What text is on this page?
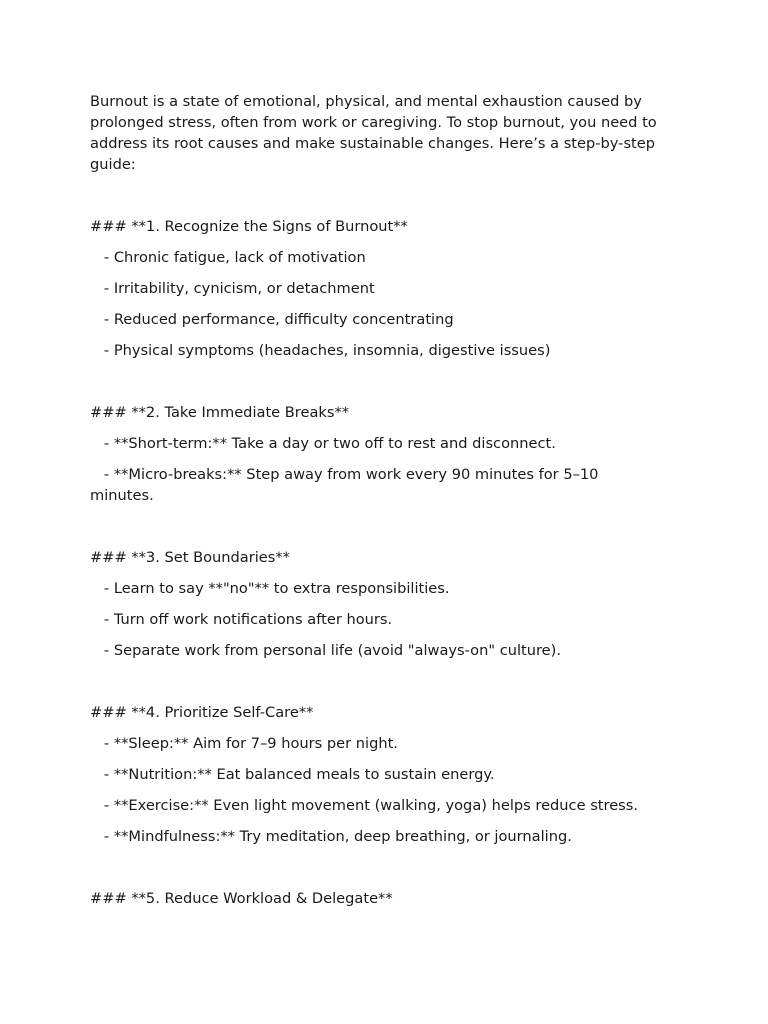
Burnout is a state of emotional, physical, and mental exhaustion caused by
prolonged stress, often from work or caregiving. To stop burnout, you need to
address its root causes and make sustainable changes. Here’s a step-by-step
guide:

### **1. Recognize the Signs of Burnout**

- Chronic fatigue, lack of motivation

- Irritability, cynicism, or detachment

- Reduced performance, difficulty concentrating

- Physical symptoms (headaches, insomnia, digestive issues)

### **2. Take Immediate Breaks**

- **Short-term:** Take a day or two off to rest and disconnect.

- **Micro-breaks:** Step away from work every 90 minutes for 5–10
minutes.

### **3. Set Boundaries**

- Learn to say **"no"** to extra responsibilities.

- Turn off work notifications after hours.

- Separate work from personal life (avoid "always-on" culture).

### **4. Prioritize Self-Care**

- **Sleep:** Aim for 7–9 hours per night.

- **Nutrition:** Eat balanced meals to sustain energy.

- **Exercise:** Even light movement (walking, yoga) helps reduce stress.

- **Mindfulness:** Try meditation, deep breathing, or journaling.

### **5. Reduce Workload & Delegate**
